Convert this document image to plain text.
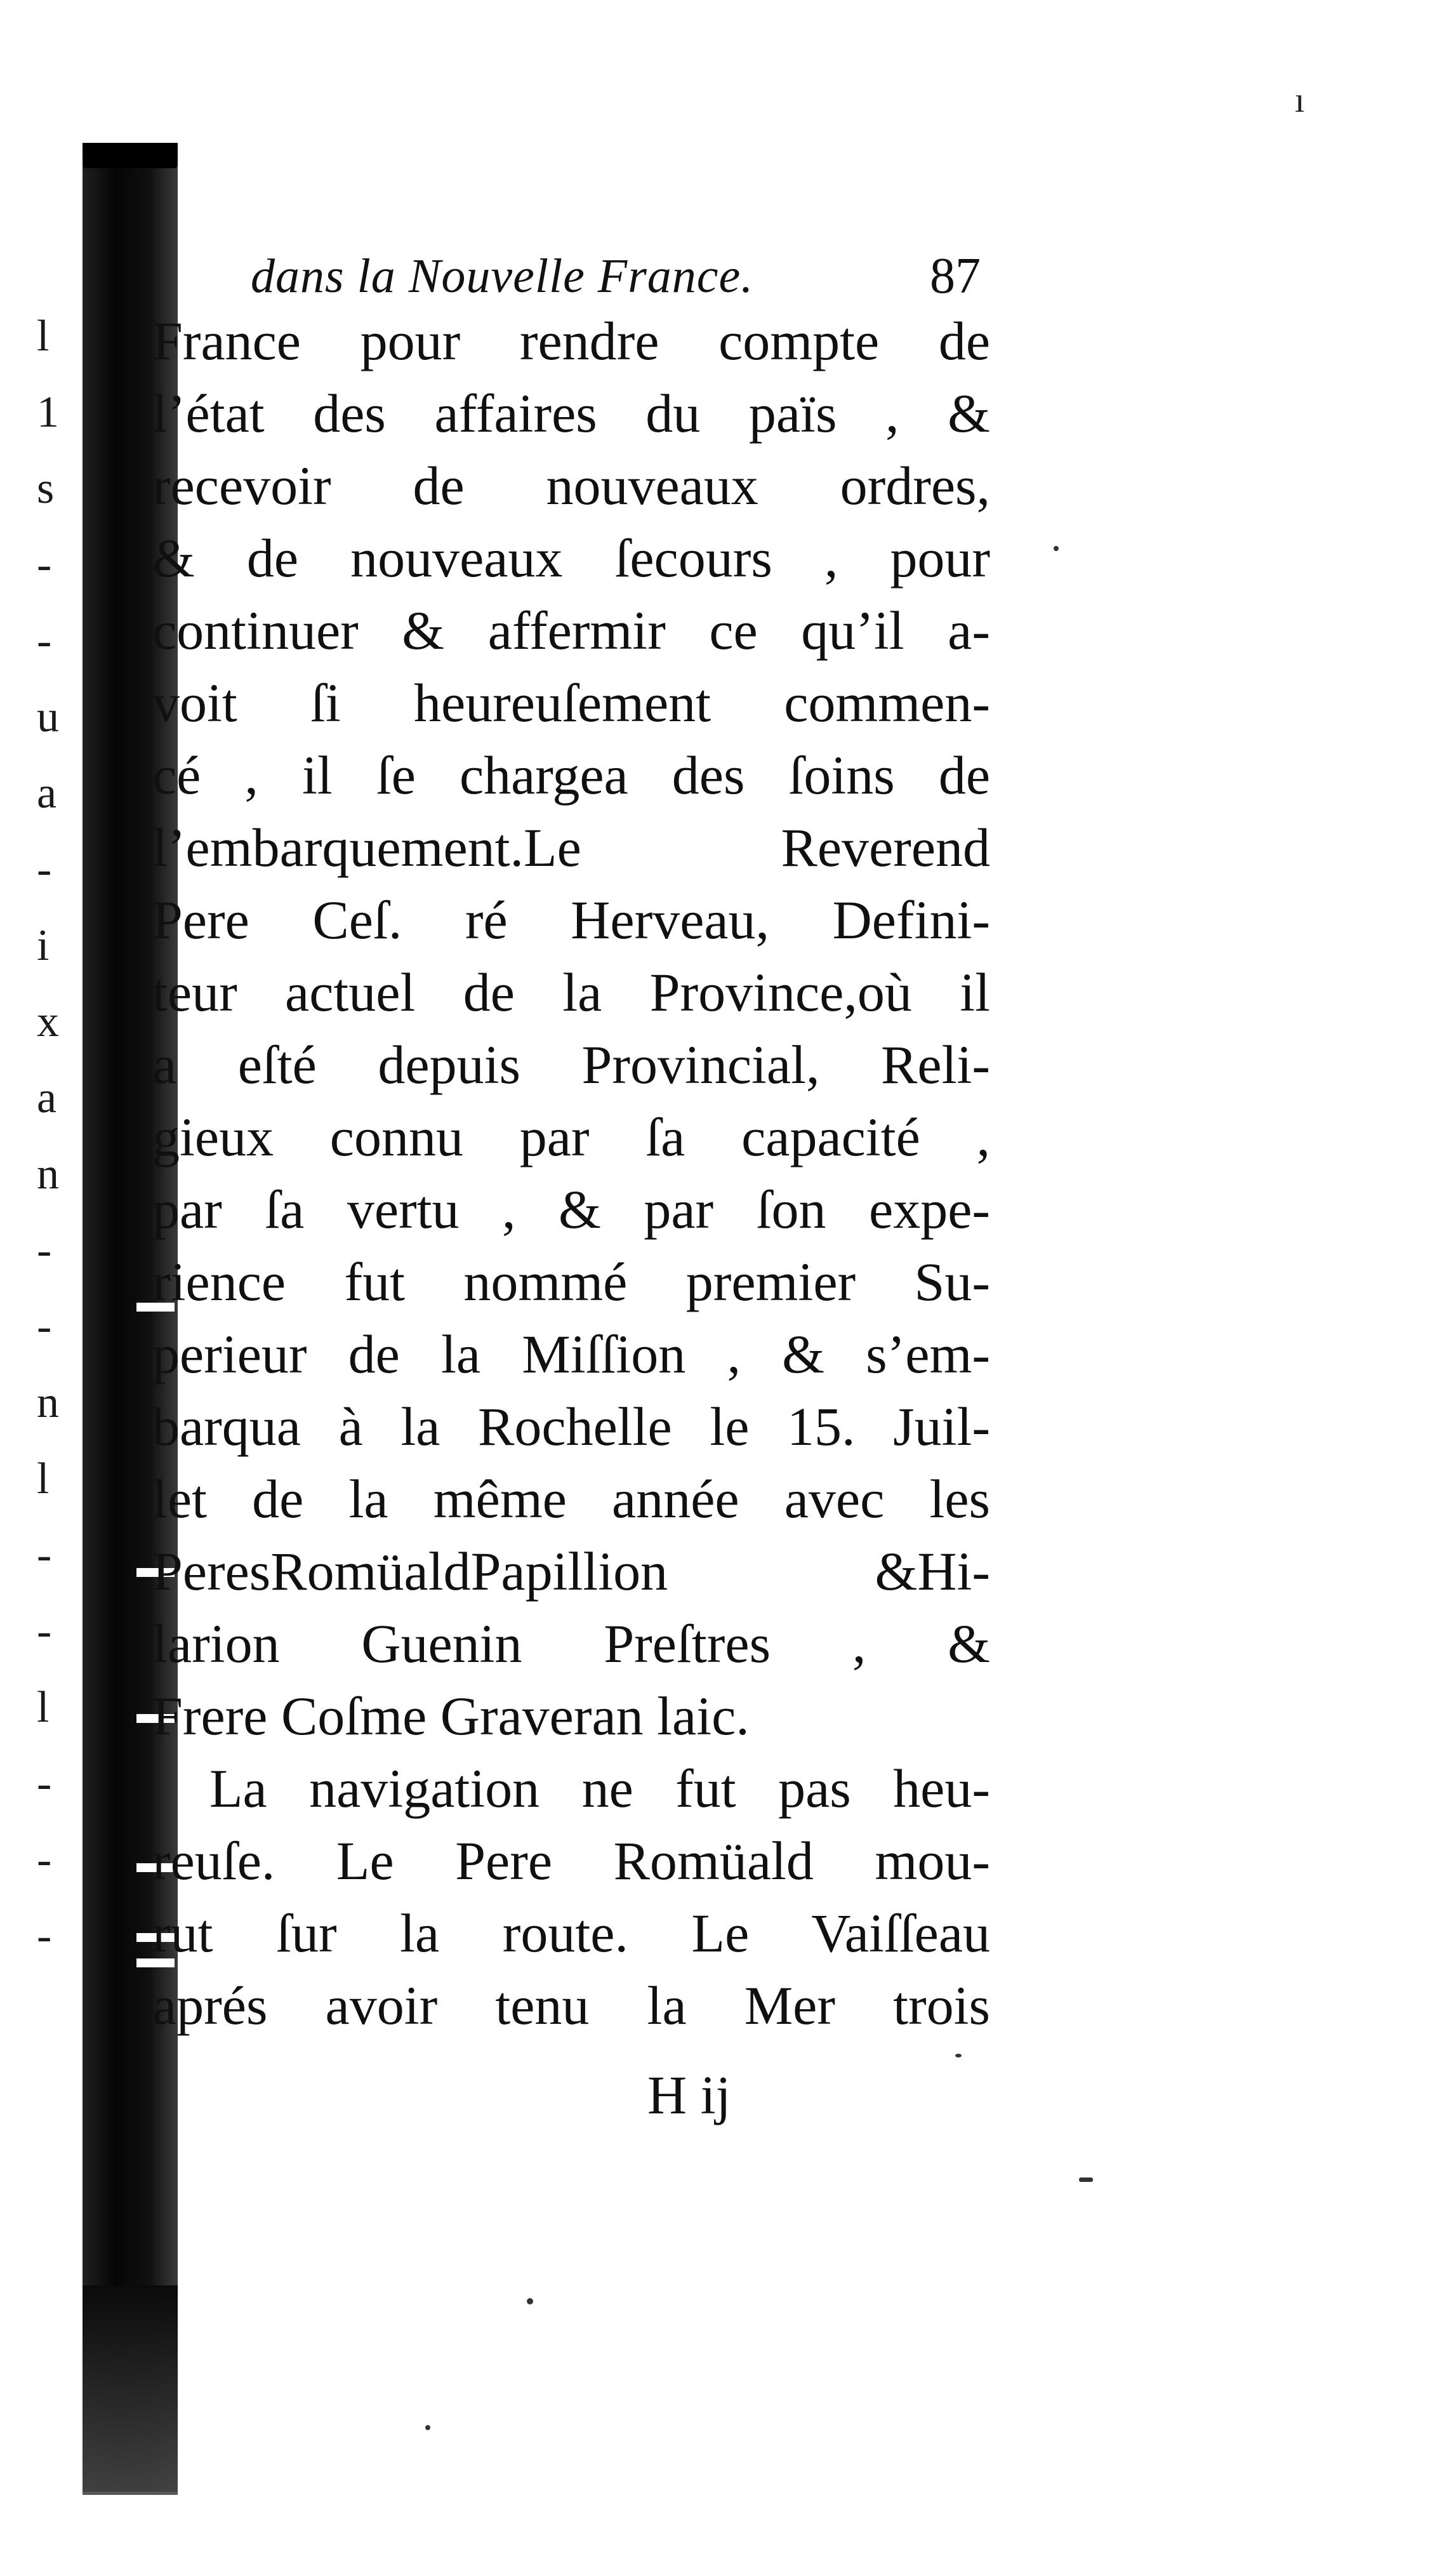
ı
l
1
s
-
-
u
a
-
i
x
a
n
-
-
n
l
-
-
l
-
-
-
dans la Nouvelle France.	87
France pour rendre compte de
l’état des affaires du païs , &
recevoir de nouveaux ordres,
& de nouveaux ſecours , pour
continuer & affermir ce qu’il a-
voit ſi heureuſement commen-
cé , il ſe chargea des ſoins de
l’embarquement.Le Reverend
Pere Ceſ. ré Herveau, Defini-
teur actuel de la Province,où il
a eſté depuis Provincial, Reli-
gieux connu par ſa capacité ,
par ſa vertu , & par ſon expe-
rience fut nommé premier Su-
perieur de la Miſſion , & s’em-
barqua à la Rochelle le 15. Juil-
let de la même année avec les
PeresRomüaldPapillion &Hi-
larion Guenin Preſtres , &
Frere Coſme Graveran laic.
La navigation ne fut pas heu-
reuſe. Le Pere Romüald mou-
rut ſur la route. Le Vaiſſeau
aprés avoir tenu la Mer trois
H ij
